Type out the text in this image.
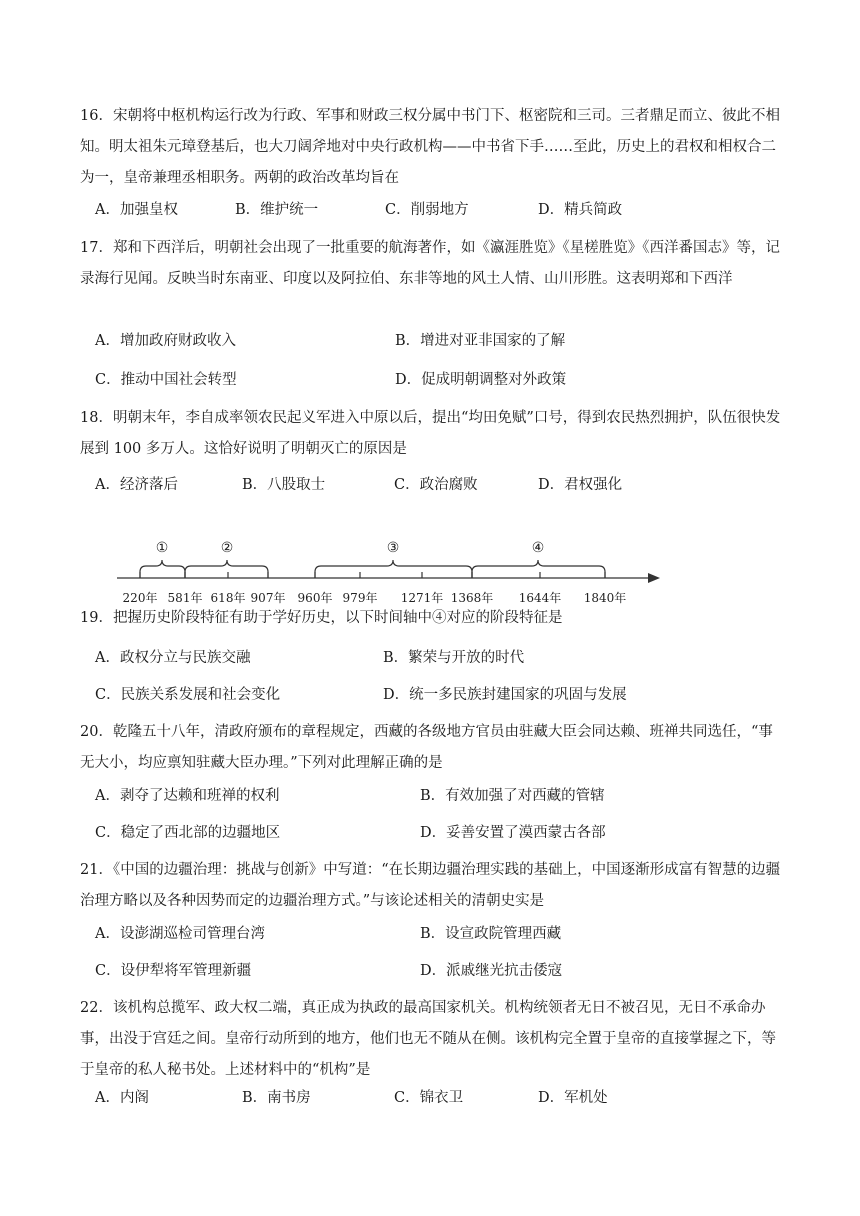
16．宋朝将中枢机构运行改为行政、军事和财政三权分属中书门下、枢密院和三司。三者鼎足而立、彼此不相知。明太祖朱元璋登基后，也大刀阔斧地对中央行政机构——中书省下手……至此，历史上的君权和相权合二为一，皇帝兼理丞相职务。两朝的政治改革均旨在
A．加强皇权	B．维护统一	C．削弱地方	D．精兵简政
17．郑和下西洋后，明朝社会出现了一批重要的航海著作，如《瀛涯胜览》《星槎胜览》《西洋番国志》等，记录海行见闻。反映当时东南亚、印度以及阿拉伯、东非等地的风土人情、山川形胜。这表明郑和下西洋
A．增加政府财政收入	B．增进对亚非国家的了解
C．推动中国社会转型	D．促成明朝调整对外政策
18．明朝末年，李自成率领农民起义军进入中原以后，提出“均田免赋”口号，得到农民热烈拥护，队伍很快发展到 100 多万人。这恰好说明了明朝灭亡的原因是
A．经济落后	B．八股取士	C．政治腐败	D．君权强化
①	②	③	④
220年 581年 618年 907年 960年 979年 1271年 1368年 1644年 1840年
19．把握历史阶段特征有助于学好历史，以下时间轴中④对应的阶段特征是
A．政权分立与民族交融	B．繁荣与开放的时代
C．民族关系发展和社会变化	D．统一多民族封建国家的巩固与发展
20．乾隆五十八年，清政府颁布的章程规定，西藏的各级地方官员由驻藏大臣会同达赖、班禅共同选任，“事无大小，均应禀知驻藏大臣办理。”下列对此理解正确的是
A．剥夺了达赖和班禅的权利	B．有效加强了对西藏的管辖
C．稳定了西北部的边疆地区	D．妥善安置了漠西蒙古各部
21．《中国的边疆治理：挑战与创新》中写道：“在长期边疆治理实践的基础上，中国逐渐形成富有智慧的边疆治理方略以及各种因势而定的边疆治理方式。”与该论述相关的清朝史实是
A．设澎湖巡检司管理台湾	B．设宣政院管理西藏
C．设伊犁将军管理新疆	D．派戚继光抗击倭寇
22．该机构总揽军、政大权二端，真正成为执政的最高国家机关。机构统领者无日不被召见，无日不承命办事，出没于宫廷之间。皇帝行动所到的地方，他们也无不随从在侧。该机构完全置于皇帝的直接掌握之下，等于皇帝的私人秘书处。上述材料中的“机构”是
A．内阁	B．南书房	C．锦衣卫	D．军机处
